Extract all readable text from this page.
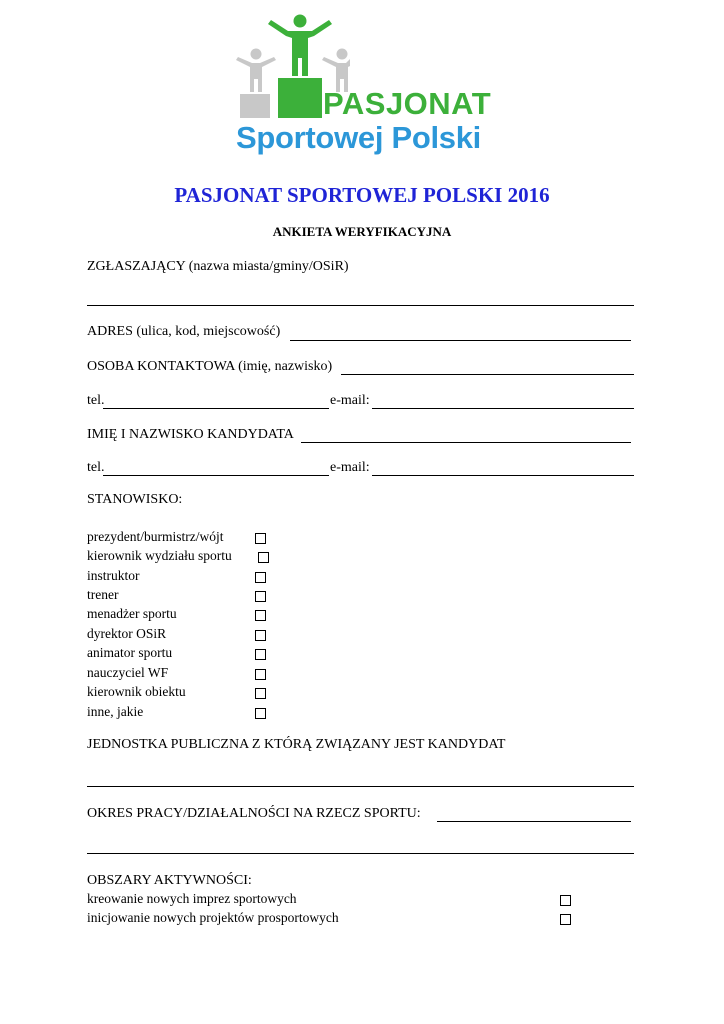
PASJONAT
Sportowej Polski
PASJONAT SPORTOWEJ POLSKI 2016
ANKIETA WERYFIKACYJNA
ZGŁASZAJĄCY (nazwa miasta/gminy/OSiR)
ADRES (ulica, kod, miejscowość)
OSOBA KONTAKTOWA (imię, nazwisko)
tel.	e-mail:
IMIĘ I NAZWISKO KANDYDATA
tel.	e-mail:
STANOWISKO:
prezydent/burmistrz/wójt
kierownik wydziału sportu
instruktor
trener
menadżer sportu
dyrektor OSiR
animator sportu
nauczyciel WF
kierownik obiektu
inne, jakie
JEDNOSTKA PUBLICZNA Z KTÓRĄ ZWIĄZANY JEST KANDYDAT
OKRES PRACY/DZIAŁALNOŚCI NA RZECZ SPORTU:
OBSZARY AKTYWNOŚCI:
kreowanie nowych imprez sportowych
inicjowanie nowych projektów prosportowych
